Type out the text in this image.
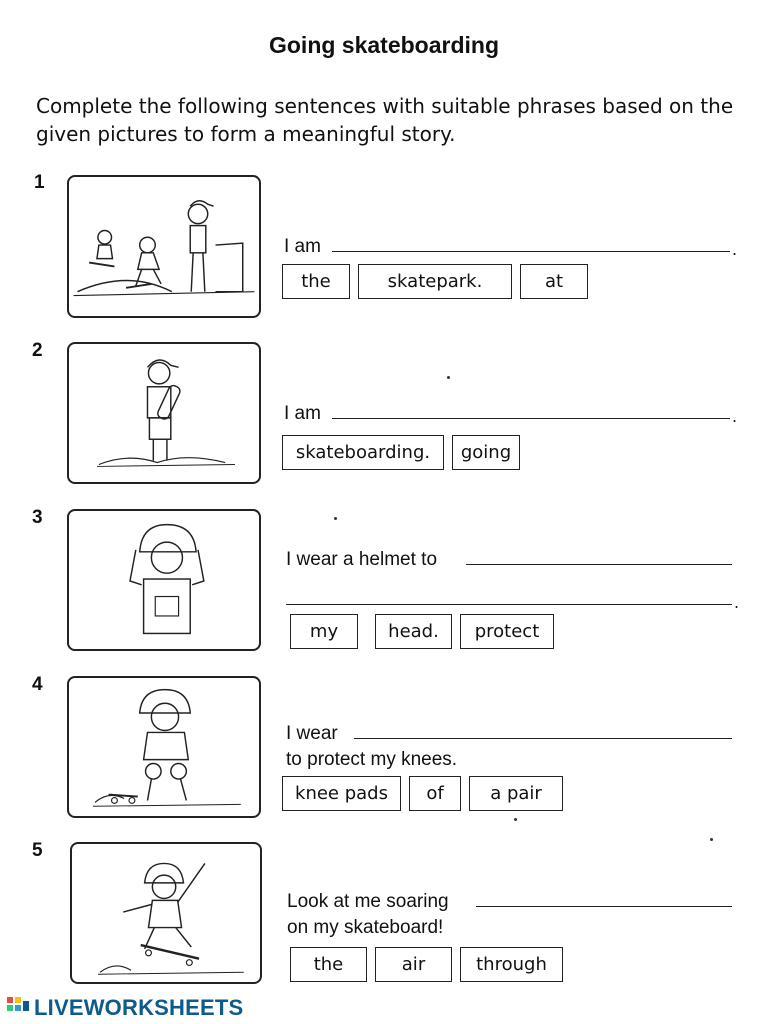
Going skateboarding
Complete the following sentences with suitable phrases based on the given pictures to form a meaningful story.
1
I am	.
the	skatepark.	at
2
I am	.
skateboarding.	going
3
I wear a helmet to
.
my	head.	protect
4
I wear
to protect my knees.
knee pads	of	a pair
5
Look at me soaring
on my skateboard!
the	air	through
LIVEWORKSHEETS
